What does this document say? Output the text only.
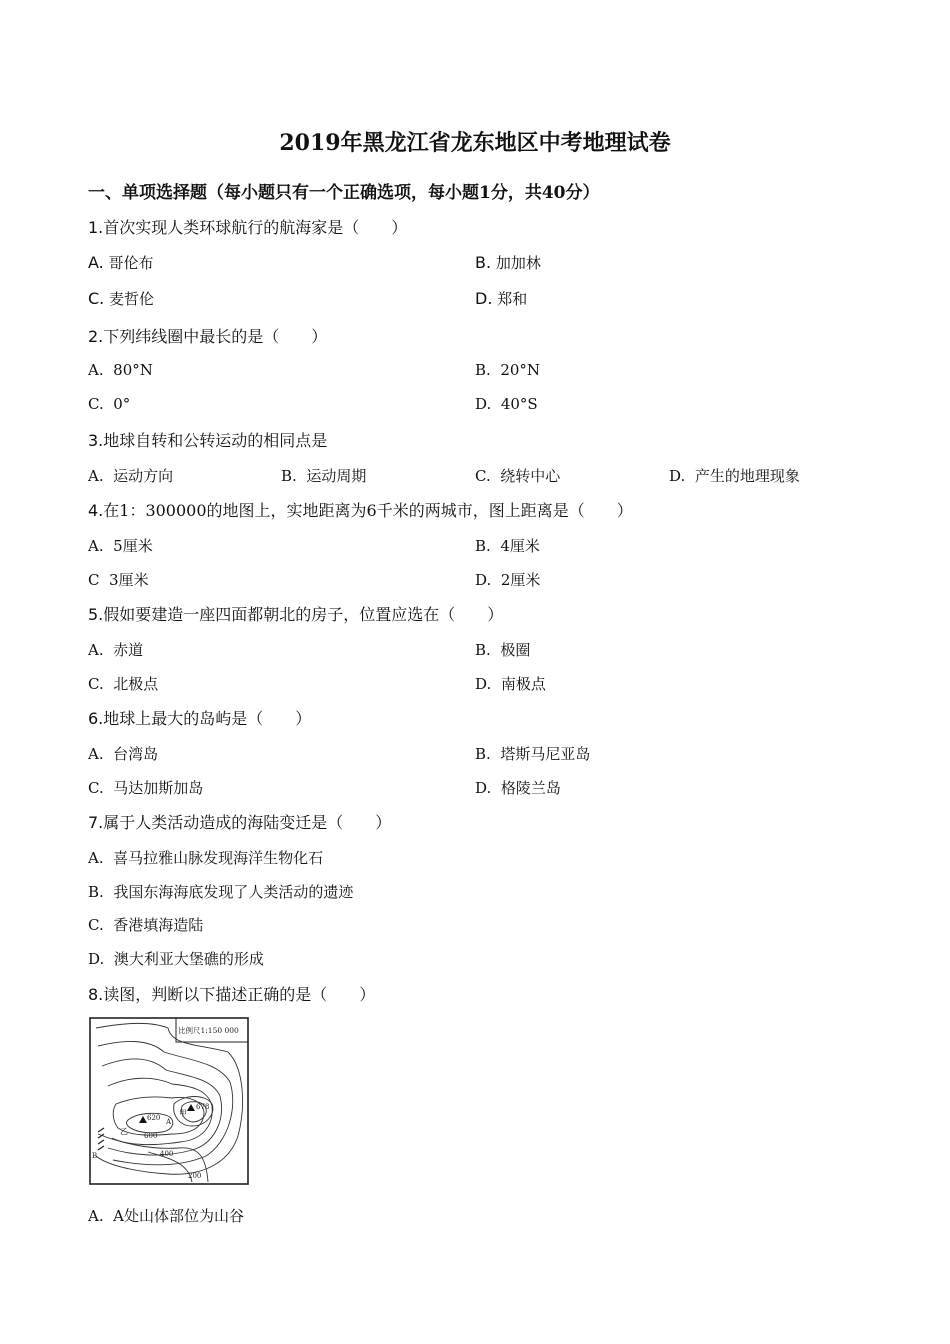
2019年黑龙江省龙东地区中考地理试卷
一、单项选择题（每小题只有一个正确选项，每小题1分，共40分）
1.首次实现人类环球航行的航海家是（　　）
A. 哥伦布	B. 加加林
C. 麦哲伦	D. 郑和
2.下列纬线圈中最长的是（　　）
A. 80°N	B. 20°N
C. 0°	D. 40°S
3.地球自转和公转运动的相同点是
A. 运动方向	B. 运动周期	C. 绕转中心	D. 产生的地理现象
4.在1：300000的地图上，实地距离为6千米的两城市，图上距离是（　　）
A. 5厘米	B. 4厘米
C 3厘米	D. 2厘米
5.假如要建造一座四面都朝北的房子，位置应选在（　　）
A. 赤道	B. 极圈
C. 北极点	D. 南极点
6.地球上最大的岛屿是（　　）
A. 台湾岛	B. 塔斯马尼亚岛
C. 马达加斯加岛	D. 格陵兰岛
7.属于人类活动造成的海陆变迁是（　　）
A. 喜马拉雅山脉发现海洋生物化石
B. 我国东海海底发现了人类活动的遗迹
C. 香港填海造陆
D. 澳大利亚大堡礁的形成
8.读图，判断以下描述正确的是（　　）
比例尺1:150 000
678
甲
620 A
乙 600
B	400
200
A. A处山体部位为山谷
